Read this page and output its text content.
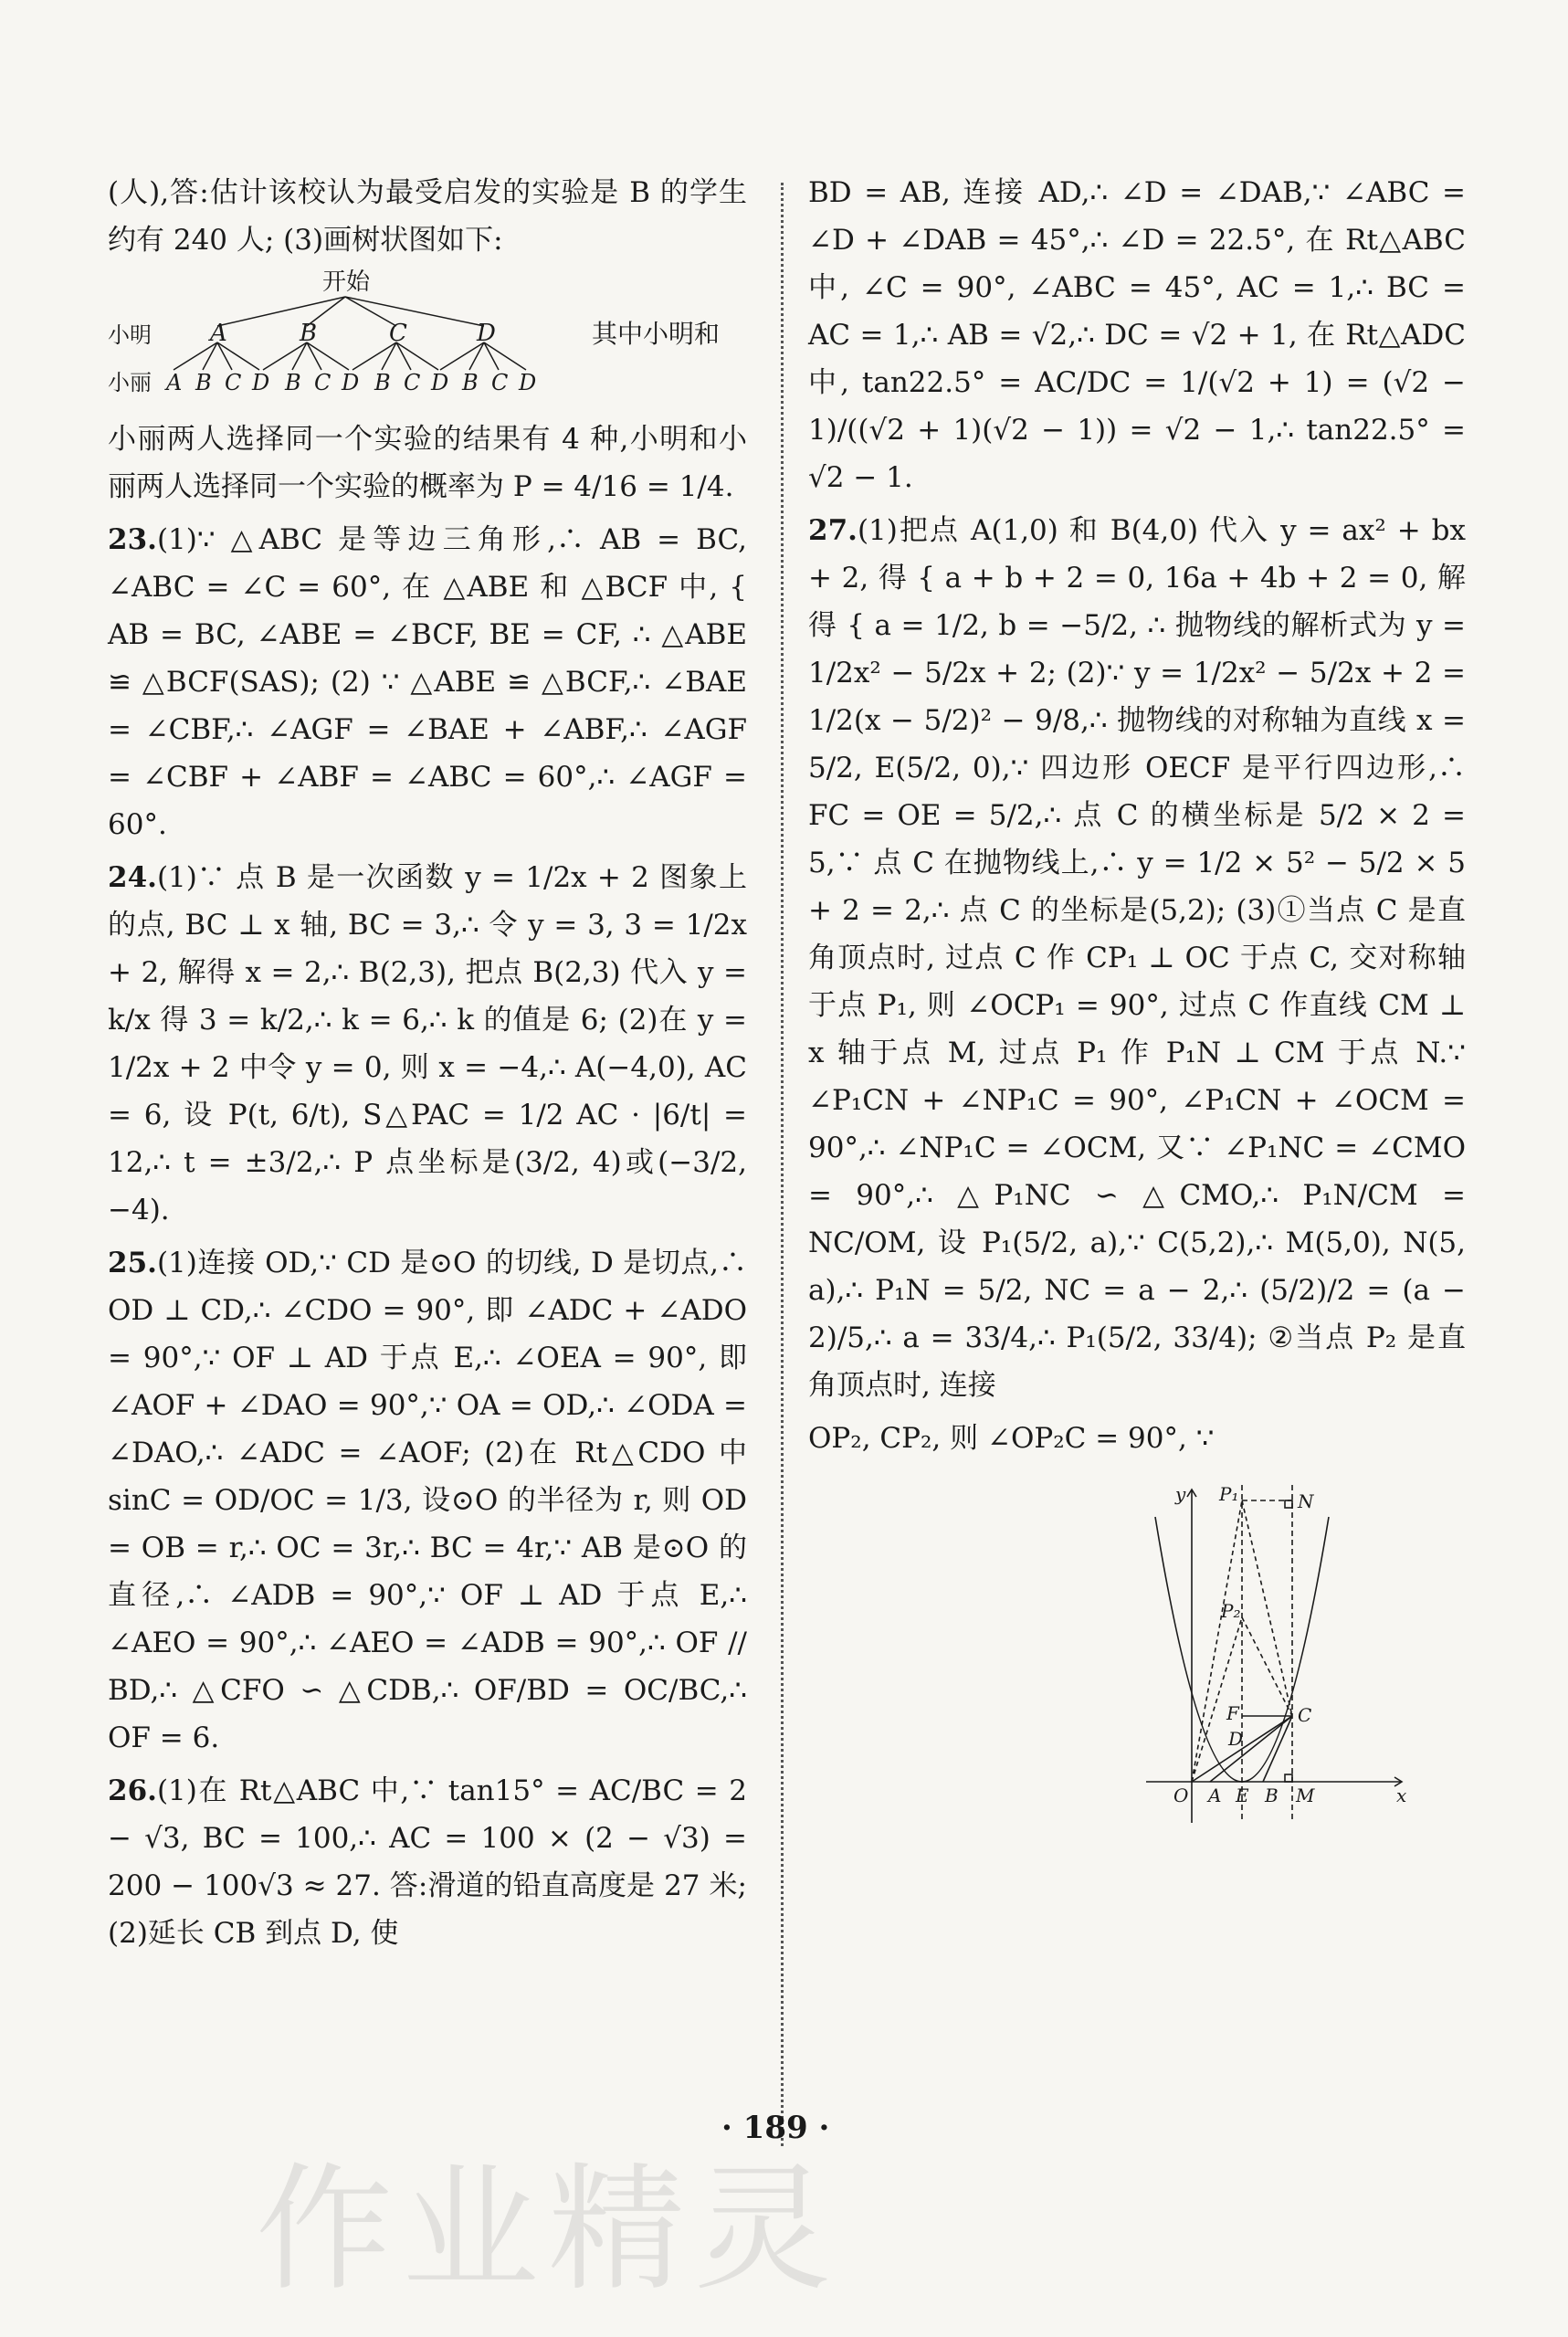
(人),答:估计该校认为最受启发的实验是 B 的学生约有 240 人; (3)画树状图如下:

开始
小明
小丽
A	B	C	D
A B C D B C D B C D B C D
其中小明和

小丽两人选择同一个实验的结果有 4 种,小明和小丽两人选择同一个实验的概率为 P = 4/16 = 1/4.

23.(1)∵ △ABC 是等边三角形,∴ AB = BC, ∠ABC = ∠C = 60°, 在 △ABE 和 △BCF 中, { AB = BC, ∠ABE = ∠BCF, BE = CF, ∴ △ABE ≌ △BCF(SAS); (2) ∵ △ABE ≌ △BCF,∴ ∠BAE = ∠CBF,∴ ∠AGF = ∠BAE + ∠ABF,∴ ∠AGF = ∠CBF + ∠ABF = ∠ABC = 60°,∴ ∠AGF = 60°.

24.(1)∵ 点 B 是一次函数 y = 1/2x + 2 图象上的点, BC ⊥ x 轴, BC = 3,∴ 令 y = 3, 3 = 1/2x + 2, 解得 x = 2,∴ B(2,3), 把点 B(2,3) 代入 y = k/x 得 3 = k/2,∴ k = 6,∴ k 的值是 6; (2)在 y = 1/2x + 2 中令 y = 0, 则 x = −4,∴ A(−4,0), AC = 6, 设 P(t, 6/t), S△PAC = 1/2 AC · |6/t| = 12,∴ t = ±3/2,∴ P 点坐标是(3/2, 4)或(−3/2, −4).

25.(1)连接 OD,∵ CD 是⊙O 的切线, D 是切点,∴ OD ⊥ CD,∴ ∠CDO = 90°, 即 ∠ADC + ∠ADO = 90°,∵ OF ⊥ AD 于点 E,∴ ∠OEA = 90°, 即 ∠AOF + ∠DAO = 90°,∵ OA = OD,∴ ∠ODA = ∠DAO,∴ ∠ADC = ∠AOF; (2)在 Rt△CDO 中 sinC = OD/OC = 1/3, 设⊙O 的半径为 r, 则 OD = OB = r,∴ OC = 3r,∴ BC = 4r,∵ AB 是⊙O 的直径,∴ ∠ADB = 90°,∵ OF ⊥ AD 于点 E,∴ ∠AEO = 90°,∴ ∠AEO = ∠ADB = 90°,∴ OF // BD,∴ △CFO ∽ △CDB,∴ OF/BD = OC/BC,∴ OF = 6.

26.(1)在 Rt△ABC 中,∵ tan15° = AC/BC = 2 − √3, BC = 100,∴ AC = 100 × (2 − √3) = 200 − 100√3 ≈ 27. 答:滑道的铅直高度是 27 米; (2)延长 CB 到点 D, 使

BD = AB, 连接 AD,∴ ∠D = ∠DAB,∵ ∠ABC = ∠D + ∠DAB = 45°,∴ ∠D = 22.5°, 在 Rt△ABC 中, ∠C = 90°, ∠ABC = 45°, AC = 1,∴ BC = AC = 1,∴ AB = √2,∴ DC = √2 + 1, 在 Rt△ADC 中, tan22.5° = AC/DC = 1/(√2 + 1) = (√2 − 1)/((√2 + 1)(√2 − 1)) = √2 − 1,∴ tan22.5° = √2 − 1.

27.(1)把点 A(1,0) 和 B(4,0) 代入 y = ax² + bx + 2, 得 { a + b + 2 = 0, 16a + 4b + 2 = 0, 解得 { a = 1/2, b = −5/2, ∴ 抛物线的解析式为 y = 1/2x² − 5/2x + 2; (2)∵ y = 1/2x² − 5/2x + 2 = 1/2(x − 5/2)² − 9/8,∴ 抛物线的对称轴为直线 x = 5/2, E(5/2, 0),∵ 四边形 OECF 是平行四边形,∴ FC = OE = 5/2,∴ 点 C 的横坐标是 5/2 × 2 = 5,∵ 点 C 在抛物线上,∴ y = 1/2 × 5² − 5/2 × 5 + 2 = 2,∴ 点 C 的坐标是(5,2); (3)①当点 C 是直角顶点时, 过点 C 作 CP₁ ⊥ OC 于点 C, 交对称轴于点 P₁, 则 ∠OCP₁ = 90°, 过点 C 作直线 CM ⊥ x 轴于点 M, 过点 P₁ 作 P₁N ⊥ CM 于点 N.∵ ∠P₁CN + ∠NP₁C = 90°, ∠P₁CN + ∠OCM = 90°,∴ ∠NP₁C = ∠OCM, 又∵ ∠P₁NC = ∠CMO = 90°,∴ △P₁NC ∽ △CMO,∴ P₁N/CM = NC/OM, 设 P₁(5/2, a),∵ C(5,2),∴ M(5,0), N(5, a),∴ P₁N = 5/2, NC = a − 2,∴ (5/2)/2 = (a − 2)/5,∴ a = 33/4,∴ P₁(5/2, 33/4); ②当点 P₂ 是直角顶点时, 连接

OP₂, CP₂, 则 ∠OP₂C = 90°, ∵

y
x
O A E B M
C
D
F
P₁
P₂
N
作业精灵
· 189 ·
